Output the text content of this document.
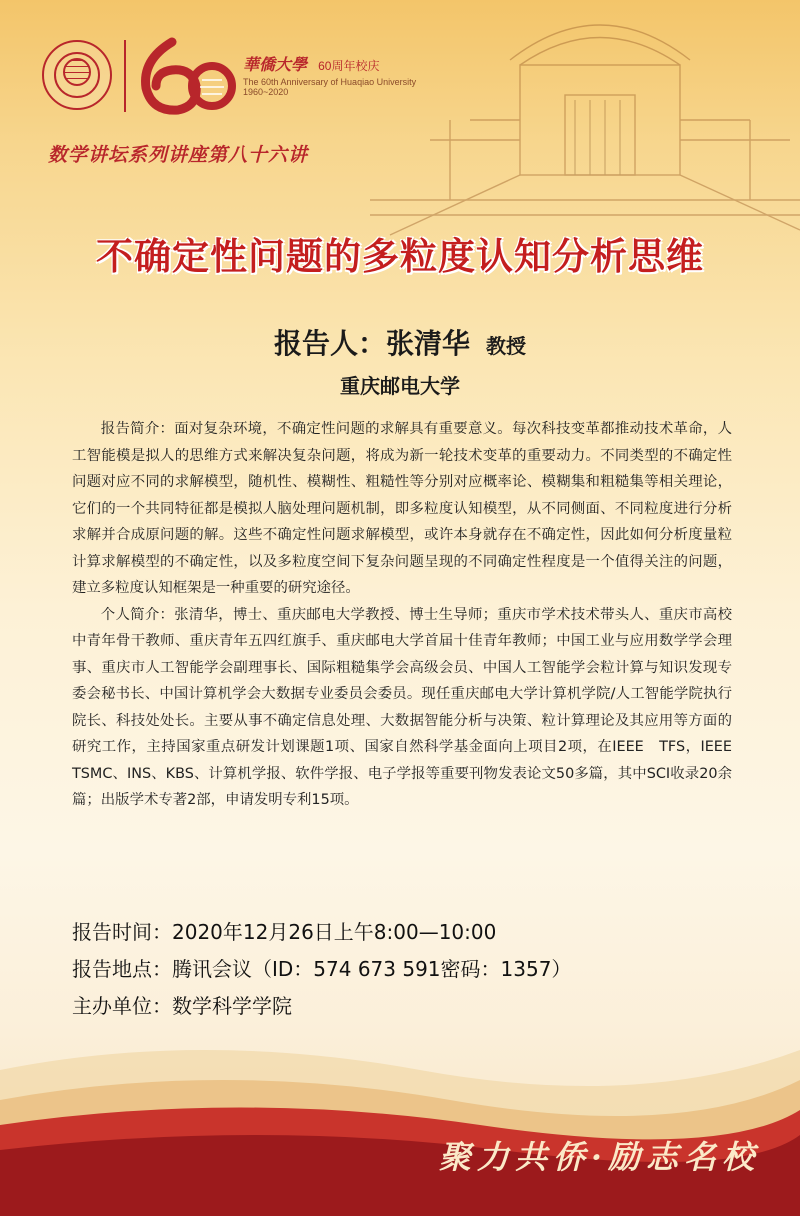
華僑大學 60周年校庆
The 60th Anniversary of Huaqiao University
1960~2020
数学讲坛系列讲座第八十六讲
不确定性问题的多粒度认知分析思维
报告人：张清华 教授
重庆邮电大学

报告简介：面对复杂环境，不确定性问题的求解具有重要意义。每次科技变革都推动技术革命，人工智能模是拟人的思维方式来解决复杂问题，将成为新一轮技术变革的重要动力。不同类型的不确定性问题对应不同的求解模型，随机性、模糊性、粗糙性等分别对应概率论、模糊集和粗糙集等相关理论，它们的一个共同特征都是模拟人脑处理问题机制，即多粒度认知模型，从不同侧面、不同粒度进行分析求解并合成原问题的解。这些不确定性问题求解模型，或许本身就存在不确定性，因此如何分析度量粒计算求解模型的不确定性，以及多粒度空间下复杂问题呈现的不同确定性程度是一个值得关注的问题，建立多粒度认知框架是一种重要的研究途径。

个人简介：张清华，博士、重庆邮电大学教授、博士生导师；重庆市学术技术带头人、重庆市高校中青年骨干教师、重庆青年五四红旗手、重庆邮电大学首届十佳青年教师；中国工业与应用数学学会理事、重庆市人工智能学会副理事长、国际粗糙集学会高级会员、中国人工智能学会粒计算与知识发现专委会秘书长、中国计算机学会大数据专业委员会委员。现任重庆邮电大学计算机学院/人工智能学院执行院长、科技处处长。主要从事不确定信息处理、大数据智能分析与决策、粒计算理论及其应用等方面的研究工作，主持国家重点研发计划课题1项、国家自然科学基金面向上项目2项，在IEEE　TFS，IEEE　TSMC、INS、KBS、计算机学报、软件学报、电子学报等重要刊物发表论文50多篇，其中SCI收录20余篇；出版学术专著2部，申请发明专利15项。

报告时间：2020年12月26日上午8:00—10:00
报告地点：腾讯会议（ID：574 673 591密码：1357）
主办单位：数学科学学院
聚力共侨·励志名校
